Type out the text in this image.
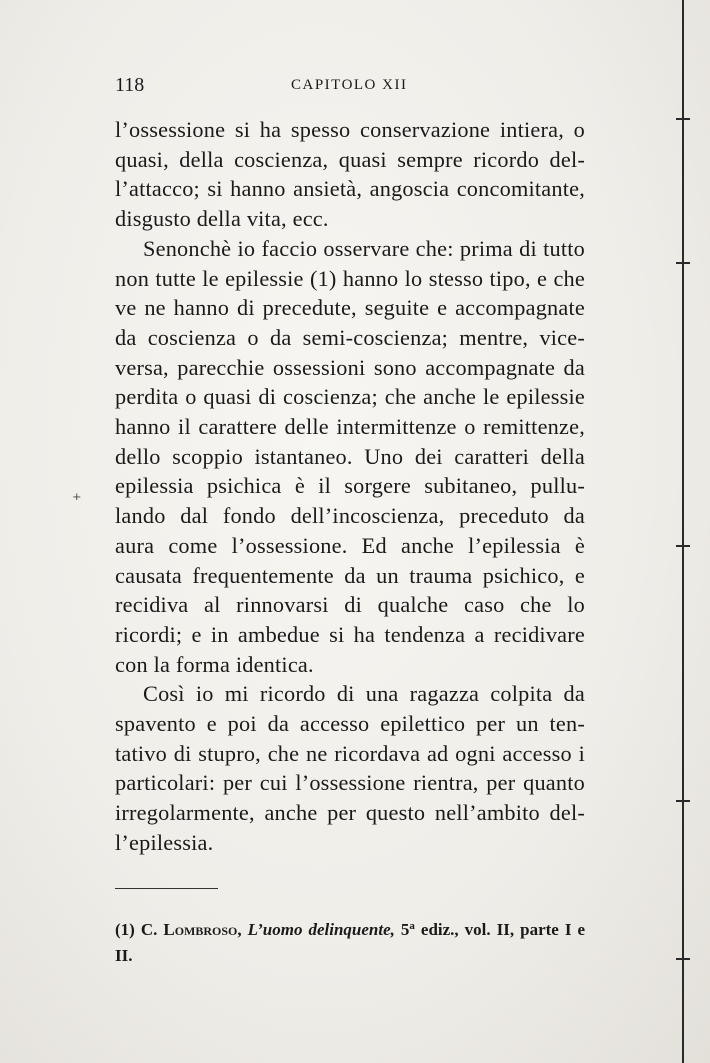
⁺
118	CAPITOLO XII

l’ossessione si ha spesso conservazione intiera, o quasi, della coscienza, quasi sempre ricordo del-l’attacco; si hanno ansietà, angoscia concomitante, disgusto della vita, ecc.

Senonchè io faccio osservare che: prima di tutto non tutte le epilessie (1) hanno lo stesso tipo, e che ve ne hanno di precedute, seguite e accompagnate da coscienza o da semi-coscienza; mentre, vice-versa, parecchie ossessioni sono accompagnate da perdita o quasi di coscienza; che anche le epilessie hanno il carattere delle intermittenze o remittenze, dello scoppio istantaneo. Uno dei caratteri della epilessia psichica è il sorgere subitaneo, pullu-lando dal fondo dell’incoscienza, preceduto da aura come l’ossessione. Ed anche l’epilessia è causata frequentemente da un trauma psichico, e recidiva al rinnovarsi di qualche caso che lo ricordi; e in ambedue si ha tendenza a recidivare con la forma identica.

Così io mi ricordo di una ragazza colpita da spavento e poi da accesso epilettico per un ten-tativo di stupro, che ne ricordava ad ogni accesso i particolari: per cui l’ossessione rientra, per quanto irregolarmente, anche per questo nell’ambito del-l’epilessia.

(1) C. Lombroso, L’uomo delinquente, 5$^a$ ediz., vol. II, parte I e II.
